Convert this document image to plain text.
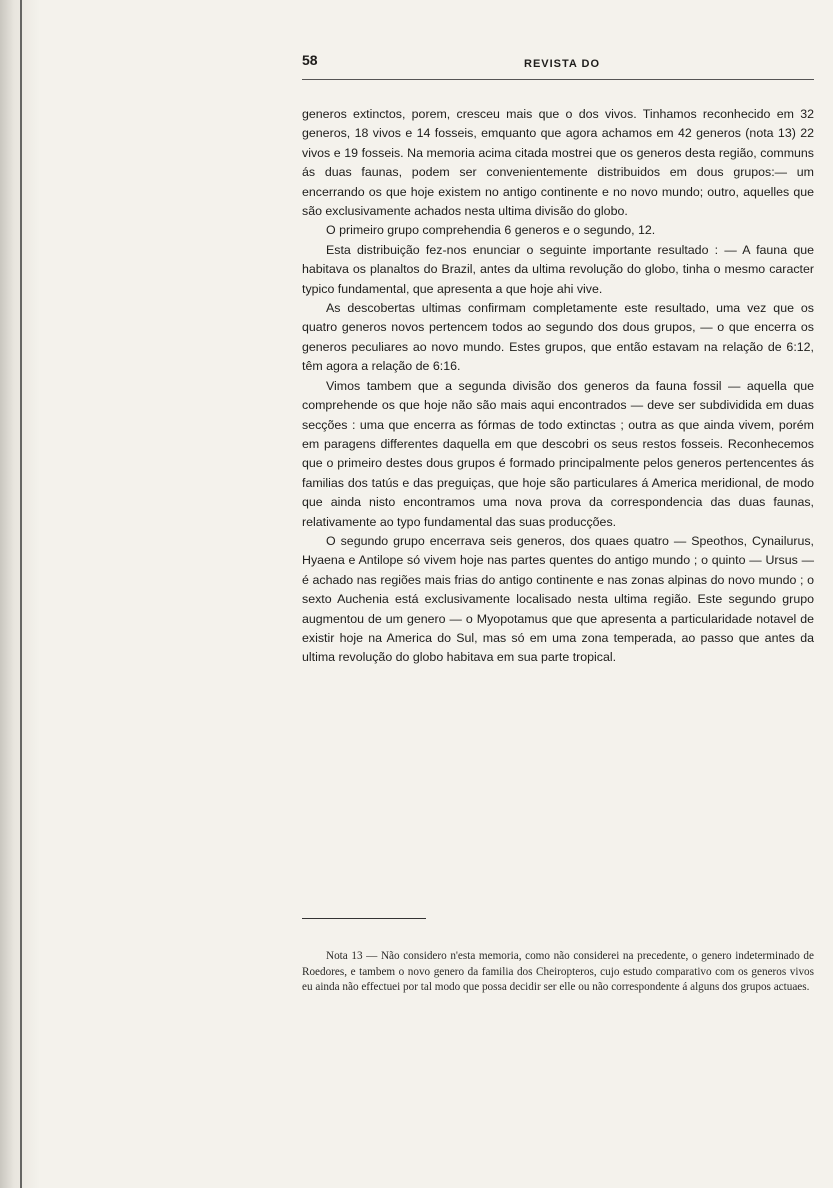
58	REVISTA DO

generos extinctos, porem, cresceu mais que o dos vivos. Tinhamos reconhecido em 32 generos, 18 vivos e 14 fosseis, emquanto que agora achamos em 42 generos (nota 13) 22 vivos e 19 fosseis. Na memoria acima citada mostrei que os generos desta região, communs ás duas faunas, podem ser convenientemente distribuidos em dous grupos:— um encerrando os que hoje existem no antigo continente e no novo mundo; outro, aquelles que são exclusivamente achados nesta ultima divisão do globo.

O primeiro grupo comprehendia 6 generos e o segundo, 12.

Esta distribuição fez-nos enunciar o seguinte importante resultado : — A fauna que habitava os planaltos do Brazil, antes da ultima revolução do globo, tinha o mesmo caracter typico fundamental, que apresenta a que hoje ahi vive.

As descobertas ultimas confirmam completamente este resultado, uma vez que os quatro generos novos pertencem todos ao segundo dos dous grupos, — o que encerra os generos peculiares ao novo mundo. Estes grupos, que então estavam na relação de 6:12, têm agora a relação de 6:16.

Vimos tambem que a segunda divisão dos generos da fauna fossil — aquella que comprehende os que hoje não são mais aqui encontrados — deve ser subdividida em duas secções : uma que encerra as fórmas de todo extinctas ; outra as que ainda vivem, porém em paragens differentes daquella em que descobri os seus restos fosseis. Reconhecemos que o primeiro destes dous grupos é formado principalmente pelos generos pertencentes ás familias dos tatús e das preguiças, que hoje são particulares á America meridional, de modo que ainda nisto encontramos uma nova prova da correspondencia das duas faunas, relativamente ao typo fundamental das suas producções.

O segundo grupo encerrava seis generos, dos quaes quatro — Speothos, Cynailurus, Hyaena e Antilope só vivem hoje nas partes quentes do antigo mundo ; o quinto — Ursus — é achado nas regiões mais frias do antigo continente e nas zonas alpinas do novo mundo ; o sexto Auchenia está exclusivamente localisado nesta ultima região. Este segundo grupo augmentou de um genero — o Myopotamus que que apresenta a particularidade notavel de existir hoje na America do Sul, mas só em uma zona temperada, ao passo que antes da ultima revolução do globo habitava em sua parte tropical.

Nota 13 — Não considero n'esta memoria, como não considerei na precedente, o genero indeterminado de Roedores, e tambem o novo genero da familia dos Cheiropteros, cujo estudo comparativo com os generos vivos eu ainda não effectuei por tal modo que possa decidir ser elle ou não correspondente á alguns dos grupos actuaes.
